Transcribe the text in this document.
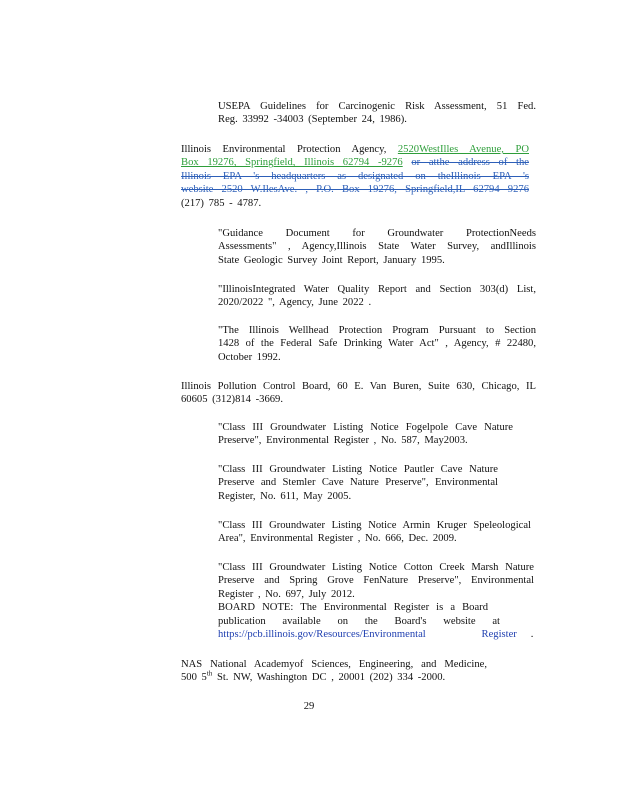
USEPA Guidelines for Carcinogenic Risk Assessment, 51 Fed.
Reg. 33992 -34003 (September 24, 1986).
Illinois Environmental Protection Agency, 2520WestIlles Avenue, PO
Box 19276, Springfield, Illinois 62794 -9276 or atthe address of the
Illinois EPA 's headquarters as designated on theIllinois EPA 's
website 2520 W.IlesAve. , P.O. Box 19276, Springfield,IL 62794 9276
(217) 785 - 4787.
"Guidance Document for Groundwater ProtectionNeeds
Assessments" , Agency,Illinois State Water Survey, andIllinois
State Geologic Survey Joint Report, January 1995.
"IllinoisIntegrated Water Quality Report and Section 303(d) List,
2020/2022 ", Agency, June 2022 .
"The Illinois Wellhead Protection Program Pursuant to Section
1428 of the Federal Safe Drinking Water Act" , Agency, # 22480,
October 1992.
Illinois Pollution Control Board, 60 E. Van Buren, Suite 630, Chicago, IL
60605 (312)814 -3669.
"Class III Groundwater Listing Notice Fogelpole Cave Nature
Preserve", Environmental Register , No. 587, May2003.
"Class III Groundwater Listing Notice Pautler Cave Nature
Preserve and Stemler Cave Nature Preserve", Environmental
Register, No. 611, May 2005.
"Class III Groundwater Listing Notice Armin Kruger Speleological
Area", Environmental Register , No. 666, Dec. 2009.
"Class III Groundwater Listing Notice Cotton Creek Marsh Nature
Preserve and Spring Grove FenNature Preserve", Environmental
Register , No. 697, July 2012.
BOARD NOTE: The Environmental Register is a Board
publication available on the Board's website at
https://pcb.illinois.gov/Resources/Environmental	Register .
NAS National Academyof Sciences, Engineering, and Medicine,
500 5th St. NW, Washington DC , 20001 (202) 334 -2000.
29
